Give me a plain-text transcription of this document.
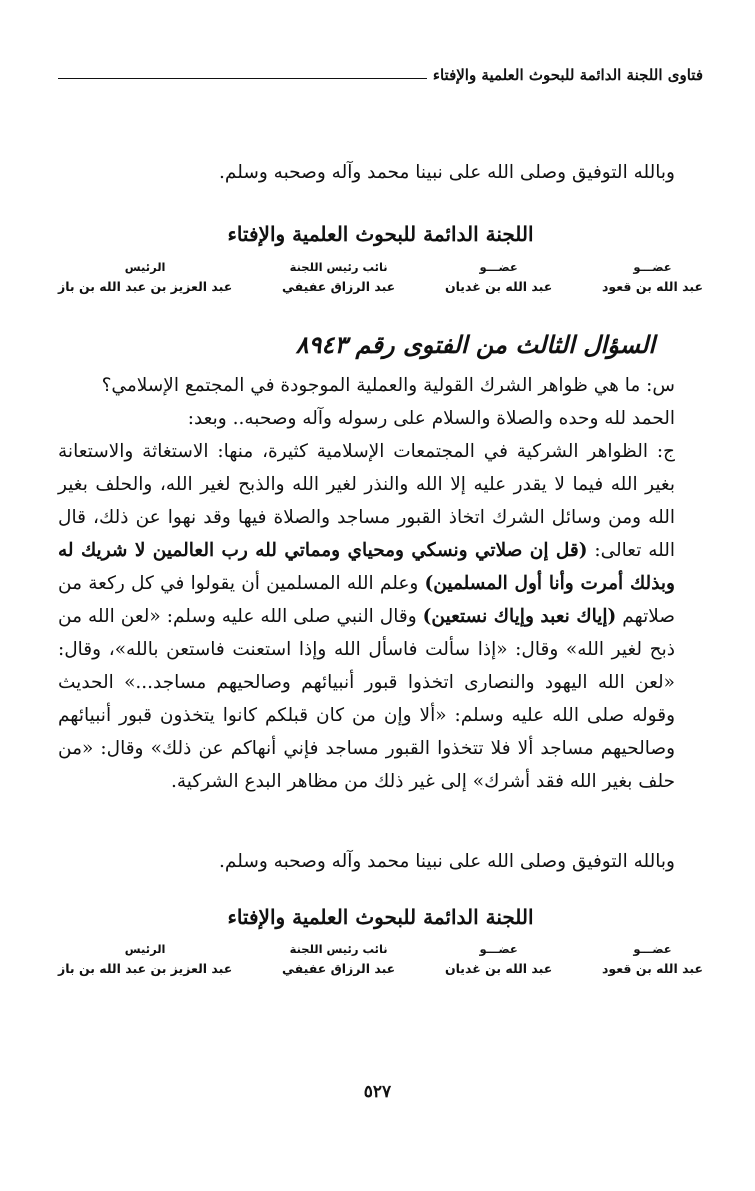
فتاوى اللجنة الدائمة للبحوث العلمية والإفتاء
وبالله التوفيق وصلى الله على نبينا محمد وآله وصحبه وسلم.
اللجنة الدائمة للبحوث العلمية والإفتاء
عضـــو
عبد الله بن قعود
عضـــو
عبد الله بن غديان
نائب رئيس اللجنة
عبد الرزاق عفيفي
الرئيس
عبد العزيز بن عبد الله بن باز
السؤال الثالث من الفتوى رقم ٨٩٤٣
س: ما هي ظواهر الشرك القولية والعملية الموجودة في المجتمع الإسلامي؟
الحمد لله وحده والصلاة والسلام على رسوله وآله وصحبه.. وبعد:
ج: الظواهر الشركية في المجتمعات الإسلامية كثيرة، منها: الاستغاثة والاستعانة بغير الله فيما لا يقدر عليه إلا الله والنذر لغير الله والذبح لغير الله، والحلف بغير الله ومن وسائل الشرك اتخاذ القبور مساجد والصلاة فيها وقد نهوا عن ذلك، قال الله تعالى: (قل إن صلاتي ونسكي ومحياي ومماتي لله رب العالمين لا شريك له وبذلك أمرت وأنا أول المسلمين) وعلم الله المسلمين أن يقولوا في كل ركعة من صلاتهم (إياك نعبد وإياك نستعين) وقال النبي صلى الله عليه وسلم: «لعن الله من ذبح لغير الله» وقال: «إذا سألت فاسأل الله وإذا استعنت فاستعن بالله»، وقال: «لعن الله اليهود والنصارى اتخذوا قبور أنبيائهم وصالحيهم مساجد...» الحديث وقوله صلى الله عليه وسلم: «ألا وإن من كان قبلكم كانوا يتخذون قبور أنبيائهم وصالحيهم مساجد ألا فلا تتخذوا القبور مساجد فإني أنهاكم عن ذلك» وقال: «من حلف بغير الله فقد أشرك» إلى غير ذلك من مظاهر البدع الشركية.
وبالله التوفيق وصلى الله على نبينا محمد وآله وصحبه وسلم.
اللجنة الدائمة للبحوث العلمية والإفتاء
عضـــو
عبد الله بن قعود
عضـــو
عبد الله بن غديان
نائب رئيس اللجنة
عبد الرزاق عفيفي
الرئيس
عبد العزيز بن عبد الله بن باز
٥٢٧
